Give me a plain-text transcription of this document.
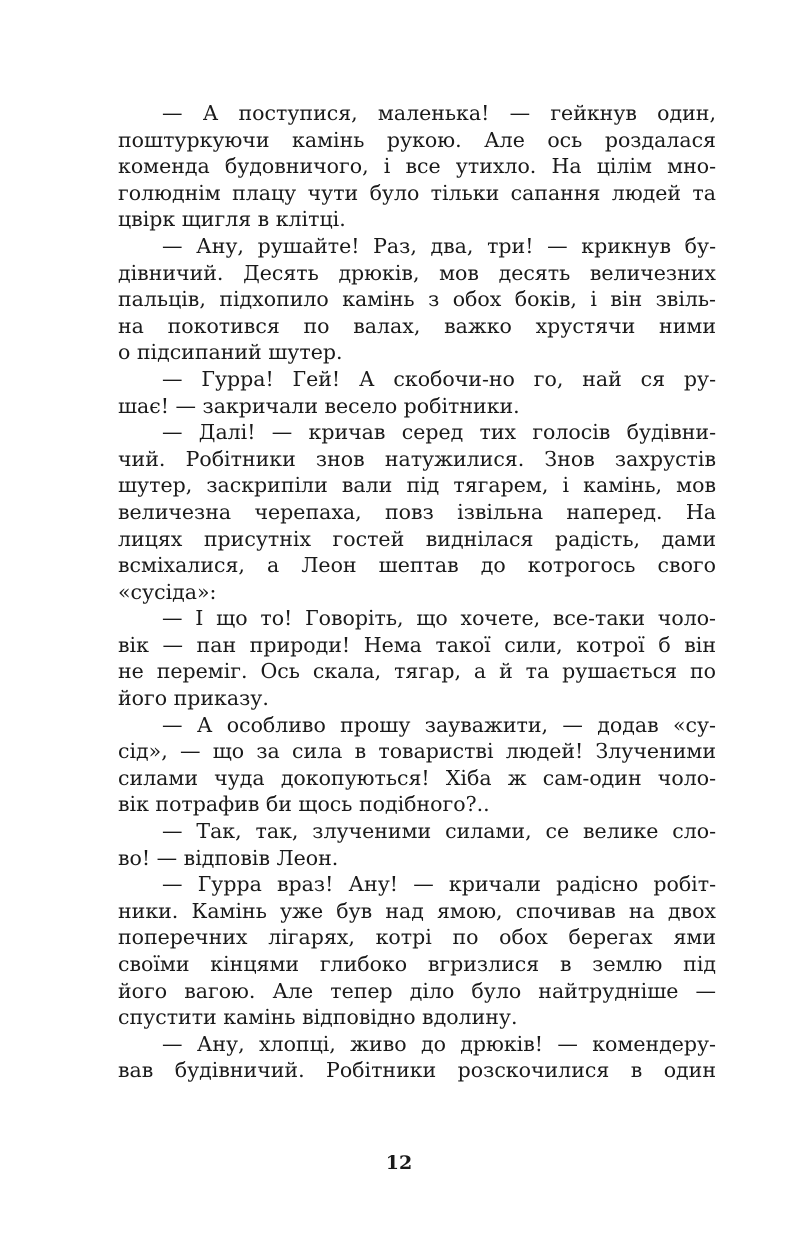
— А поступися, маленька! — гейкнув один,
поштуркуючи камінь рукою. Але ось роздалася
коменда будовничого, і все утихло. На цілім мно-
голюднім плацу чути було тільки сапання людей та
цвірк щигля в клітці.
— Ану, рушайте! Раз, два, три! — крикнув бу-
дівничий. Десять дрюків, мов десять величезних
пальців, підхопило камінь з обох боків, і він звіль-
на покотився по валах, важко хрустячи ними
о підсипаний шутер.
— Гурра! Гей! А скобочи-но го, най ся ру-
шає! — закричали весело робітники.
— Далі! — кричав серед тих голосів будівни-
чий. Робітники знов натужилися. Знов захрустів
шутер, заскрипіли вали під тягарем, і камінь, мов
величезна черепаха, повз ізвільна наперед. На
лицях присутніх гостей виднілася радість, дами
всміхалися, а Леон шептав до котрогось свого
«сусіда»:
— І що то! Говоріть, що хочете, все-таки чоло-
вік — пан природи! Нема такої сили, котрої б він
не переміг. Ось скала, тягар, а й та рушається по
його приказу.
— А особливо прошу зауважити, — додав «су-
сід», — що за сила в товаристві людей! Злученими
силами чуда докопуються! Хіба ж сам-один чоло-
вік потрафив би щось подібного?..
— Так, так, злученими силами, се велике сло-
во! — відповів Леон.
— Гурра враз! Ану! — кричали радісно робіт-
ники. Камінь уже був над ямою, спочивав на двох
поперечних лігарях, котрі по обох берегах ями
своїми кінцями глибоко вгризлися в землю під
його вагою. Але тепер діло було найтрудніше —
спустити камінь відповідно вдолину.
— Ану, хлопці, живо до дрюків! — комендеру-
вав будівничий. Робітники розскочилися в один
12
